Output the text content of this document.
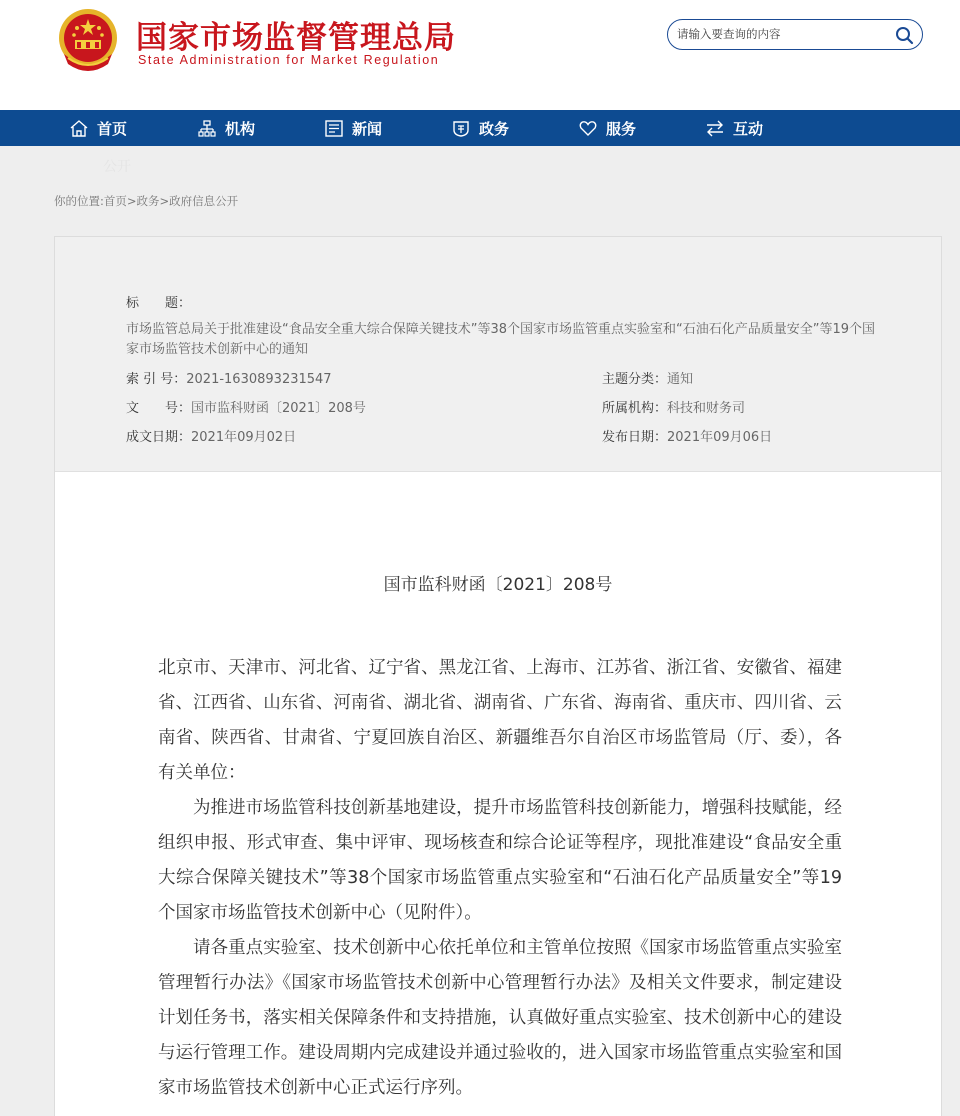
国家市场监督管理总局
State Administration for Market Regulation
请输入要查询的内容
首页	机构	新闻	政务	服务	互动
公开
你的位置:首页>政务>政府信息公开
标　　题：
市场监管总局关于批准建设“食品安全重大综合保障关键技术”等38个国家市场监管重点实验室和“石油石化产品质量安全”等19个国家市场监管技术创新中心的通知
索 引 号：2021-1630893231547
文　　号：国市监科财函〔2021〕208号
成文日期：2021年09月02日
主题分类：通知
所属机构：科技和财务司
发布日期：2021年09月06日
国市监科财函〔2021〕208号

北京市、天津市、河北省、辽宁省、黑龙江省、上海市、江苏省、浙江省、安徽省、福建省、江西省、山东省、河南省、湖北省、湖南省、广东省、海南省、重庆市、四川省、云南省、陕西省、甘肃省、宁夏回族自治区、新疆维吾尔自治区市场监管局（厅、委），各有关单位：

为推进市场监管科技创新基地建设，提升市场监管科技创新能力，增强科技赋能，经组织申报、形式审查、集中评审、现场核查和综合论证等程序，现批准建设“食品安全重大综合保障关键技术”等38个国家市场监管重点实验室和“石油石化产品质量安全”等19个国家市场监管技术创新中心（见附件）。

请各重点实验室、技术创新中心依托单位和主管单位按照《国家市场监管重点实验室管理暂行办法》《国家市场监管技术创新中心管理暂行办法》及相关文件要求，制定建设计划任务书，落实相关保障条件和支持措施，认真做好重点实验室、技术创新中心的建设与运行管理工作。建设周期内完成建设并通过验收的，进入国家市场监管重点实验室和国家市场监管技术创新中心正式运行序列。
